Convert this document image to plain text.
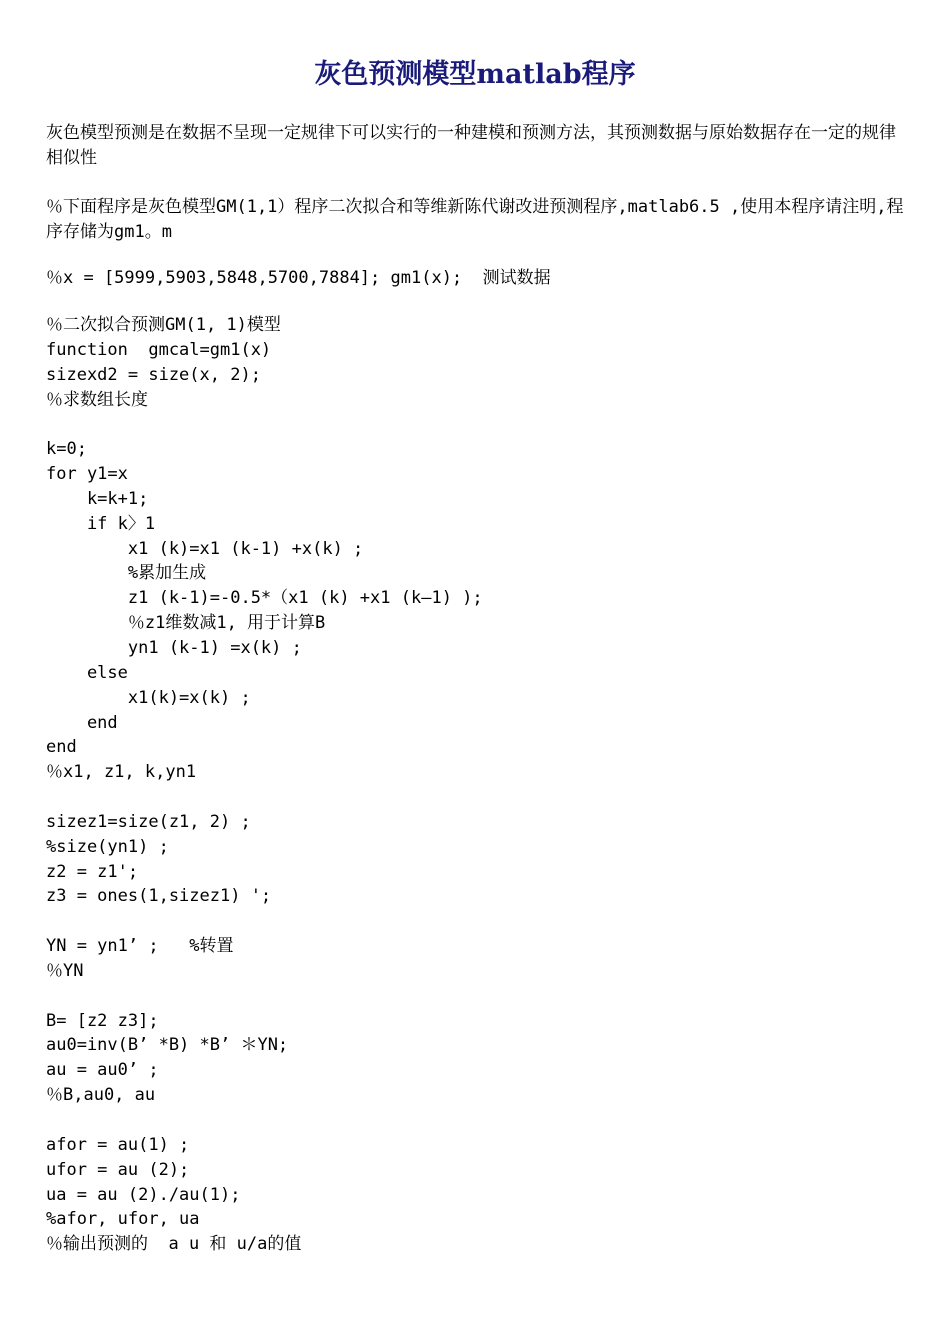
灰色预测模型matlab程序

灰色模型预测是在数据不呈现一定规律下可以实行的一种建模和预测方法，其预测数据与原始数据存在一定的规律相似性

％下面程序是灰色模型GM(1,1）程序二次拟合和等维新陈代谢改进预测程序,matlab6.5 ,使用本程序请注明,程序存储为gm1。m

％x = [5999,5903,5848,5700,7884]; gm1(x);  测试数据

％二次拟合预测GM(1, 1)模型
function  gmcal=gm1(x)
sizexd2 = size(x, 2);
％求数组长度
k=0;
for y1=x
k=k+1;
if k〉1
x1 (k)=x1 (k-1) +x(k) ;
%累加生成
z1 (k-1)=-0.5*（x1 (k) +x1 (k—1) );
％z1维数减1, 用于计算B
yn1 (k-1) =x(k) ;
else
x1(k)=x(k) ;
end
end
％x1, z1, k,yn1
sizez1=size(z1, 2) ;
%size(yn1) ;
z2 = z1';
z3 = ones(1,sizez1) ';
YN = yn1’ ;   %转置
％YN
B= [z2 z3];
au0=inv(B’ *B) *B’ ＊YN;
au = au0’ ;
％B,au0, au
afor = au(1) ;
ufor = au (2);
ua = au (2)./au(1);
%afor, ufor, ua
％输出预测的  a u 和 u/a的值
